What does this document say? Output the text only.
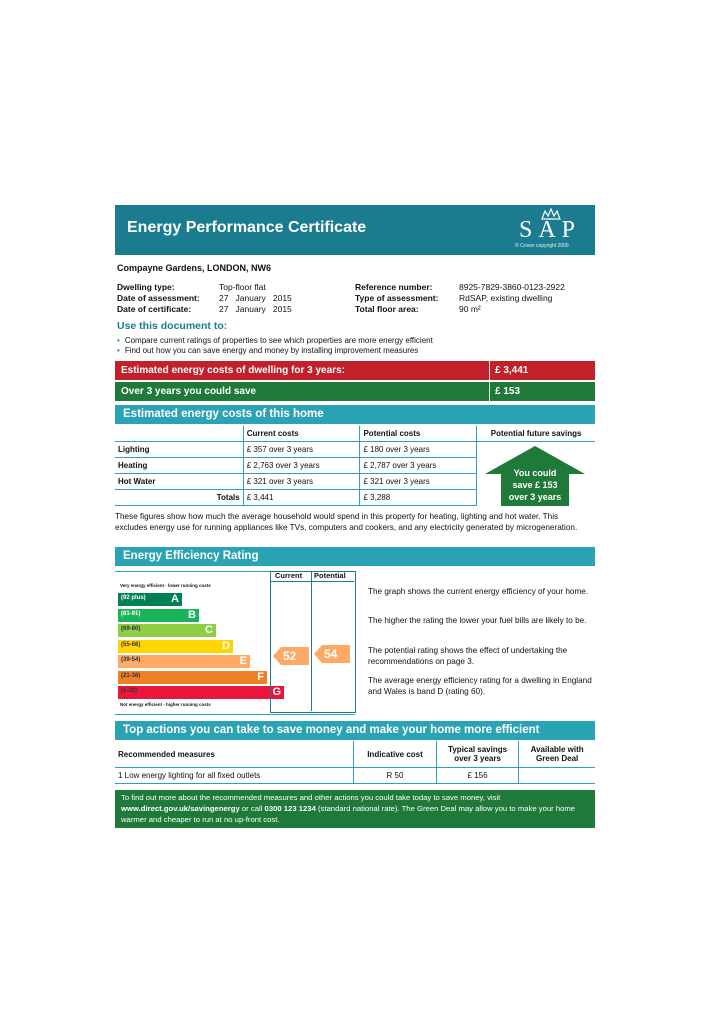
Energy Performance Certificate	SAP
© Crown copyright 2009
Compayne Gardens, LONDON, NW6
Dwelling type:	Top-floor flat
Date of assessment: 27   January   2015
Date of certificate:	27   January   2015
Reference number:	8925-7829-3860-0123-2922
Type of assessment: RdSAP, existing dwelling
Total floor area:	90 m²
Use this document to:
• Compare current ratings of properties to see which properties are more energy efficient
• Find out how you can save energy and money by installing improvement measures
Estimated energy costs of dwelling for 3 years:	£ 3,441
Over 3 years you could save	£ 153
Estimated energy costs of this home
	Current costs	Potential costs	Potential future savings
Lighting	£ 357 over 3 years	£ 180 over 3 years	
Heating	£ 2,763 over 3 years	£ 2,787 over 3 years	
Hot Water	£ 321 over 3 years	£ 321 over 3 years	
Totals	£ 3,441	£ 3,288	
You could
save £ 153
over 3 years
These figures show how much the average household would spend in this property for heating, lighting and hot water. This excludes energy use for running appliances like TVs, computers and cookers, and any electricity generated by microgeneration.
Energy Efficiency Rating
Very energy efficient - lower running costs
(92 plus) A
(81-91)	B
(69-80)	C
(55-68)	D
(39-54)	E
(21-38)	F
(1-20)	G
Not energy efficient - higher running costs
Current Potential
52 54
The graph shows the current energy efficiency of your home.
The higher the rating the lower your fuel bills are likely to be.
The potential rating shows the effect of undertaking the recommendations on page 3.
The average energy efficiency rating for a dwelling in England and Wales is band D (rating 60).
Top actions you can take to save money and make your home more efficient
Recommended measures	Indicative cost	Typical savings over 3 years	Available with Green Deal
1 Low energy lighting for all fixed outlets	R 50	£ 156	
To find out more about the recommended measures and other actions you could take today to save money, visit www.direct.gov.uk/savingenergy or call 0300 123 1234 (standard national rate). The Green Deal may allow you to make your home warmer and cheaper to run at no up-front cost.
